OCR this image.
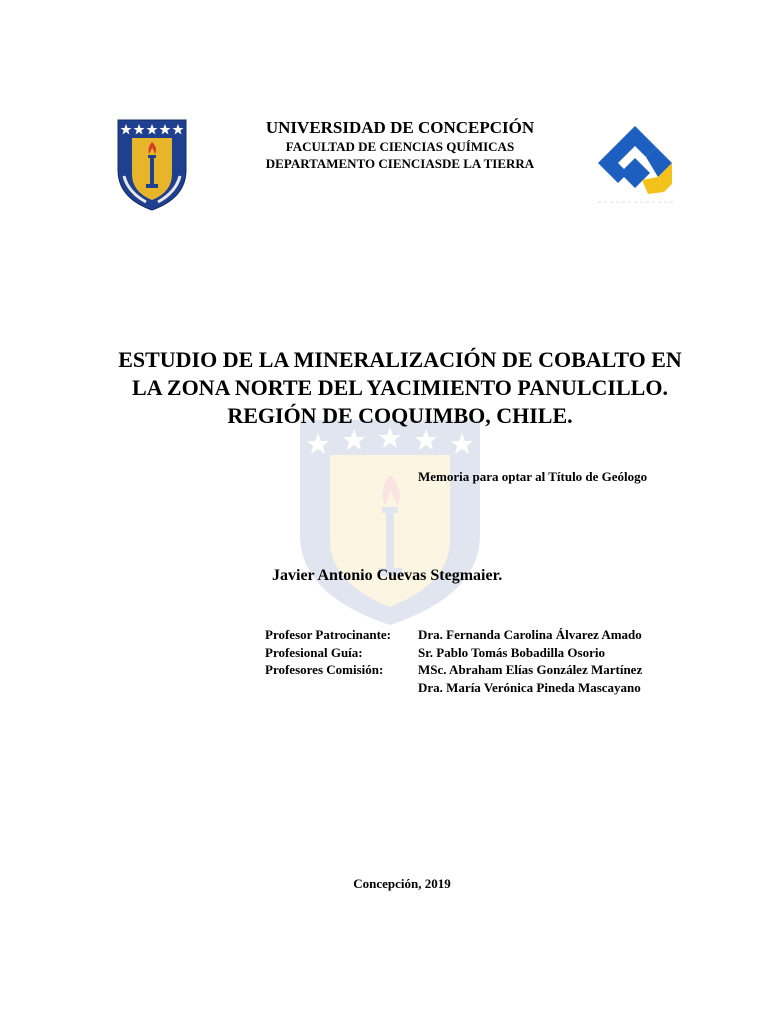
UNIVERSIDAD DE CONCEPCIÓN
FACULTAD DE CIENCIAS QUÍMICAS
DEPARTAMENTO CIENCIASDE LA TIERRA
ESTUDIO DE LA MINERALIZACIÓN DE COBALTO EN
LA ZONA NORTE DEL YACIMIENTO PANULCILLO.
REGIÓN DE COQUIMBO, CHILE.
Memoria para optar al Título de Geólogo
Javier Antonio Cuevas Stegmaier.
Profesor Patrocinante:	Dra. Fernanda Carolina Álvarez Amado
Profesional Guía:	Sr. Pablo Tomás Bobadilla Osorio
Profesores Comisión:	MSc. Abraham Elías González Martínez
Dra. María Verónica Pineda Mascayano
Concepción, 2019
